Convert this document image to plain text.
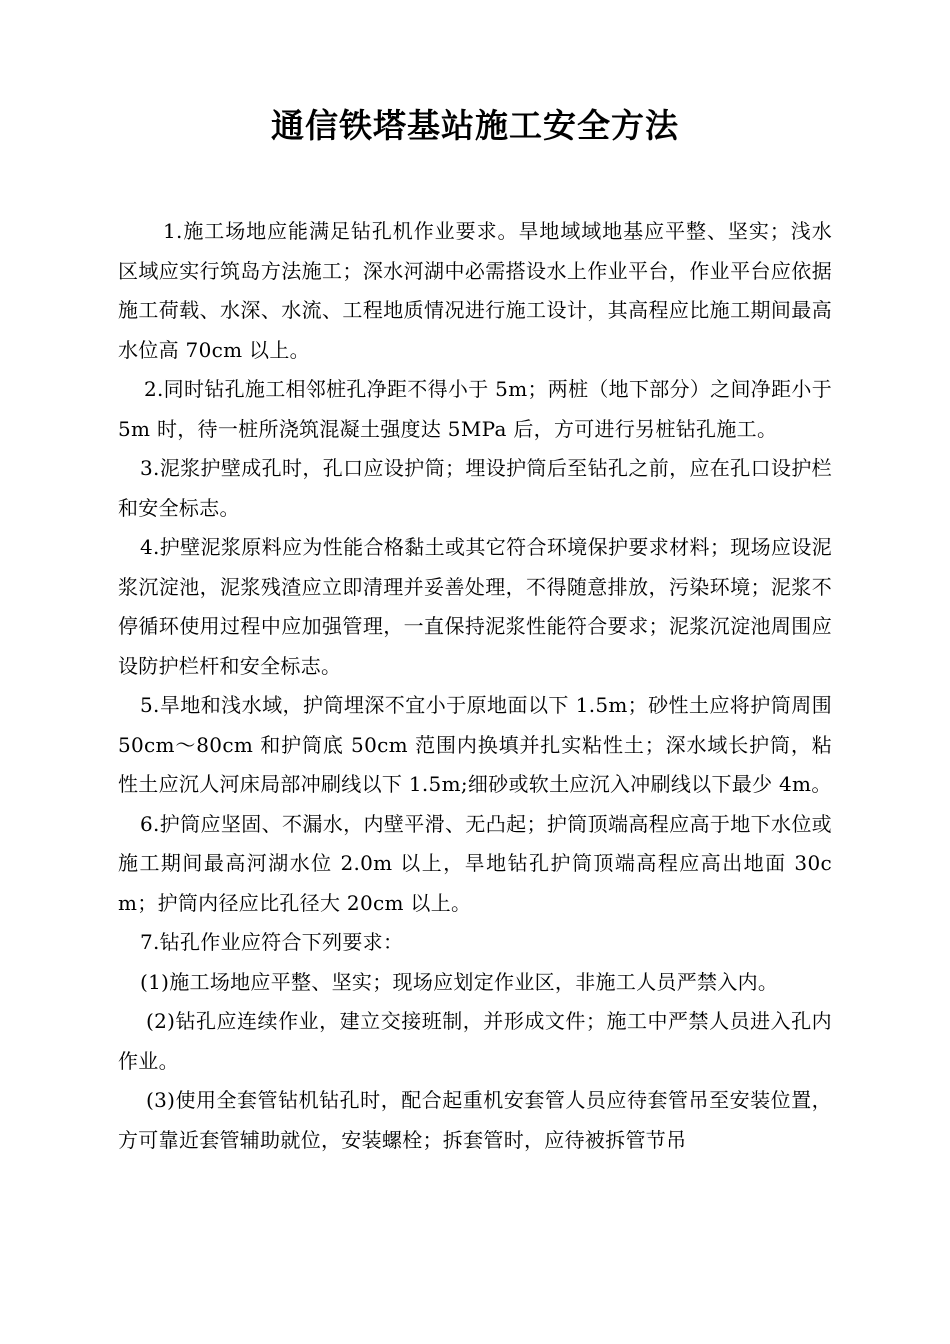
通信铁塔基站施工安全方法

1.施工场地应能满足钻孔机作业要求。旱地域域地基应平整、坚实；浅水区域应实行筑岛方法施工；深水河湖中必需搭设水上作业平台，作业平台应依据施工荷载、水深、水流、工程地质情况进行施工设计，其高程应比施工期间最高水位高 70cm 以上。

2.同时钻孔施工相邻桩孔净距不得小于 5m；两桩（地下部分）之间净距小于 5m 时，待一桩所浇筑混凝土强度达 5MPa 后，方可进行另桩钻孔施工。

3.泥浆护壁成孔时，孔口应设护筒；埋设护筒后至钻孔之前，应在孔口设护栏和安全标志。

4.护壁泥浆原料应为性能合格黏土或其它符合环境保护要求材料；现场应设泥浆沉淀池，泥浆残渣应立即清理并妥善处理，不得随意排放，污染环境；泥浆不停循环使用过程中应加强管理，一直保持泥浆性能符合要求；泥浆沉淀池周围应设防护栏杆和安全标志。

5.旱地和浅水域，护筒埋深不宜小于原地面以下 1.5m；砂性土应将护筒周围 50cm～80cm 和护筒底 50cm 范围内换填并扎实粘性土；深水域长护筒，粘性土应沉人河床局部冲刷线以下 1.5m;细砂或软土应沉入冲刷线以下最少 4m。

6.护筒应坚固、不漏水，内壁平滑、无凸起；护筒顶端高程应高于地下水位或施工期间最高河湖水位 2.0m 以上，旱地钻孔护筒顶端高程应高出地面 30cm；护筒内径应比孔径大 20cm 以上。

7.钻孔作业应符合下列要求：

(1)施工场地应平整、坚实；现场应划定作业区，非施工人员严禁入内。

(2)钻孔应连续作业，建立交接班制，并形成文件；施工中严禁人员进入孔内作业。

(3)使用全套管钻机钻孔时，配合起重机安套管人员应待套管吊至安装位置，方可靠近套管辅助就位，安装螺栓；拆套管时，应待被拆管节吊
